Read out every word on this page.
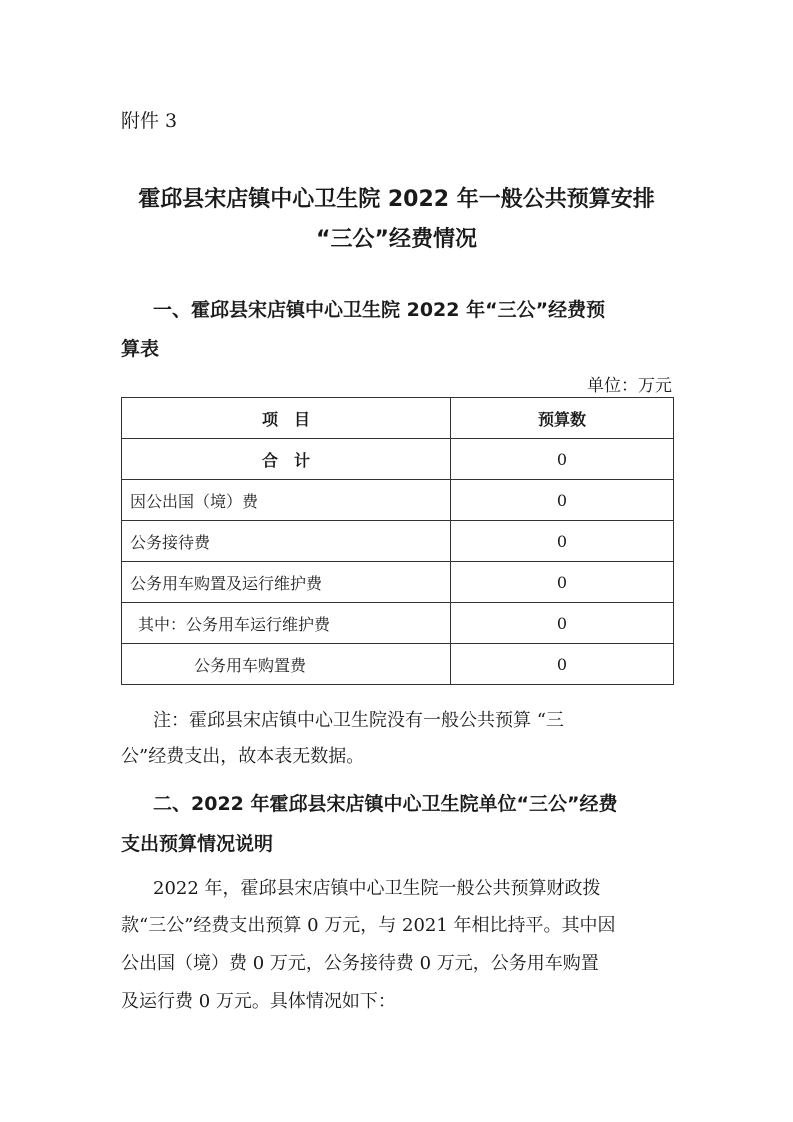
附件 3
霍邱县宋店镇中心卫生院 2022 年一般公共预算安排
“三公”经费情况
一、霍邱县宋店镇中心卫生院 2022 年“三公”经费预
算表
单位：万元
项　目	预算数
合　计	0
因公出国（境）费	0
公务接待费	0
公务用车购置及运行维护费	0
其中：公务用车运行维护费	0
公务用车购置费	0
注：霍邱县宋店镇中心卫生院没有一般公共预算 “三
公”经费支出，故本表无数据。
二、2022 年霍邱县宋店镇中心卫生院单位“三公”经费
支出预算情况说明
2022 年，霍邱县宋店镇中心卫生院一般公共预算财政拨
款“三公”经费支出预算 0 万元，与 2021 年相比持平。其中因
公出国（境）费 0 万元，公务接待费 0 万元，公务用车购置
及运行费 0 万元。具体情况如下：
